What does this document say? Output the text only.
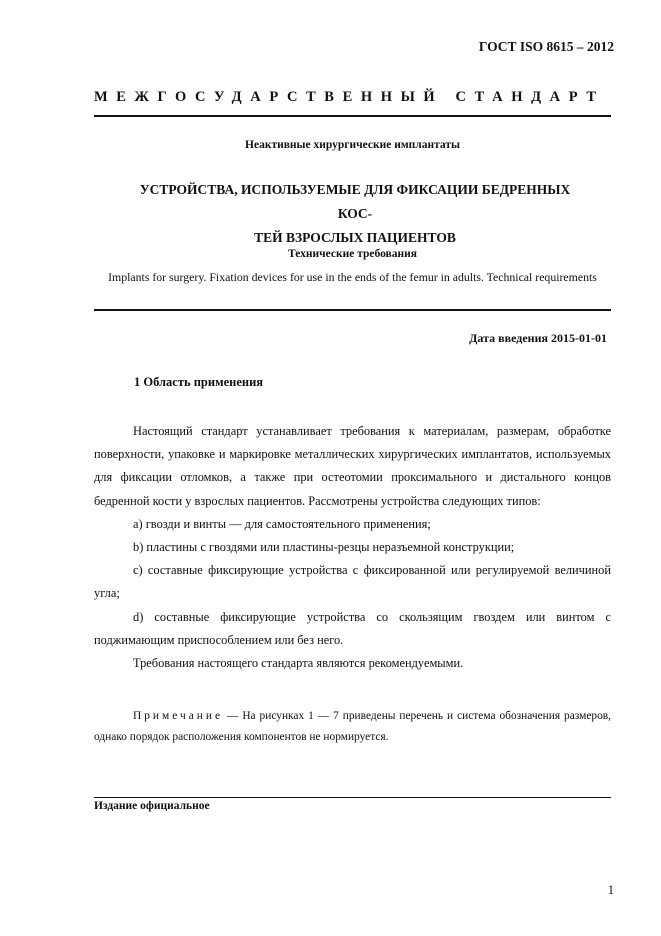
ГОСТ ISO 8615 – 2012
МЕЖГОСУДАРСТВЕННЫЙ СТАНДАРТ
Неактивные хирургические имплантаты
УСТРОЙСТВА, ИСПОЛЬЗУЕМЫЕ ДЛЯ ФИКСАЦИИ БЕДРЕННЫХ КОС-
ТЕЙ ВЗРОСЛЫХ ПАЦИЕНТОВ
Технические требования
Implants for surgery. Fixation devices for use in the ends of the femur in adults. Technical requirements
Дата введения 2015-01-01
1 Область применения

Настоящий стандарт устанавливает требования к материалам, размерам, обработке поверхности, упаковке и маркировке металлических хирургических имплантатов, используемых для фиксации отломков, а также при остеотомии проксимального и дистального концов бедренной кости у взрослых пациентов. Рассмотрены устройства следующих типов:

а) гвозди и винты — для самостоятельного применения;

b) пластины с гвоздями или пластины-резцы неразъемной конструкции;

c) составные фиксирующие устройства с фиксированной или регулируемой величиной угла;

d) составные фиксирующие устройства со скользящим гвоздем или винтом с поджимающим приспособлением или без него.

Требования настоящего стандарта являются рекомендуемыми.

Примечание — На рисунках 1 — 7 приведены перечень и система обозначения размеров, однако порядок расположения компонентов не нормируется.
Издание официальное
1
